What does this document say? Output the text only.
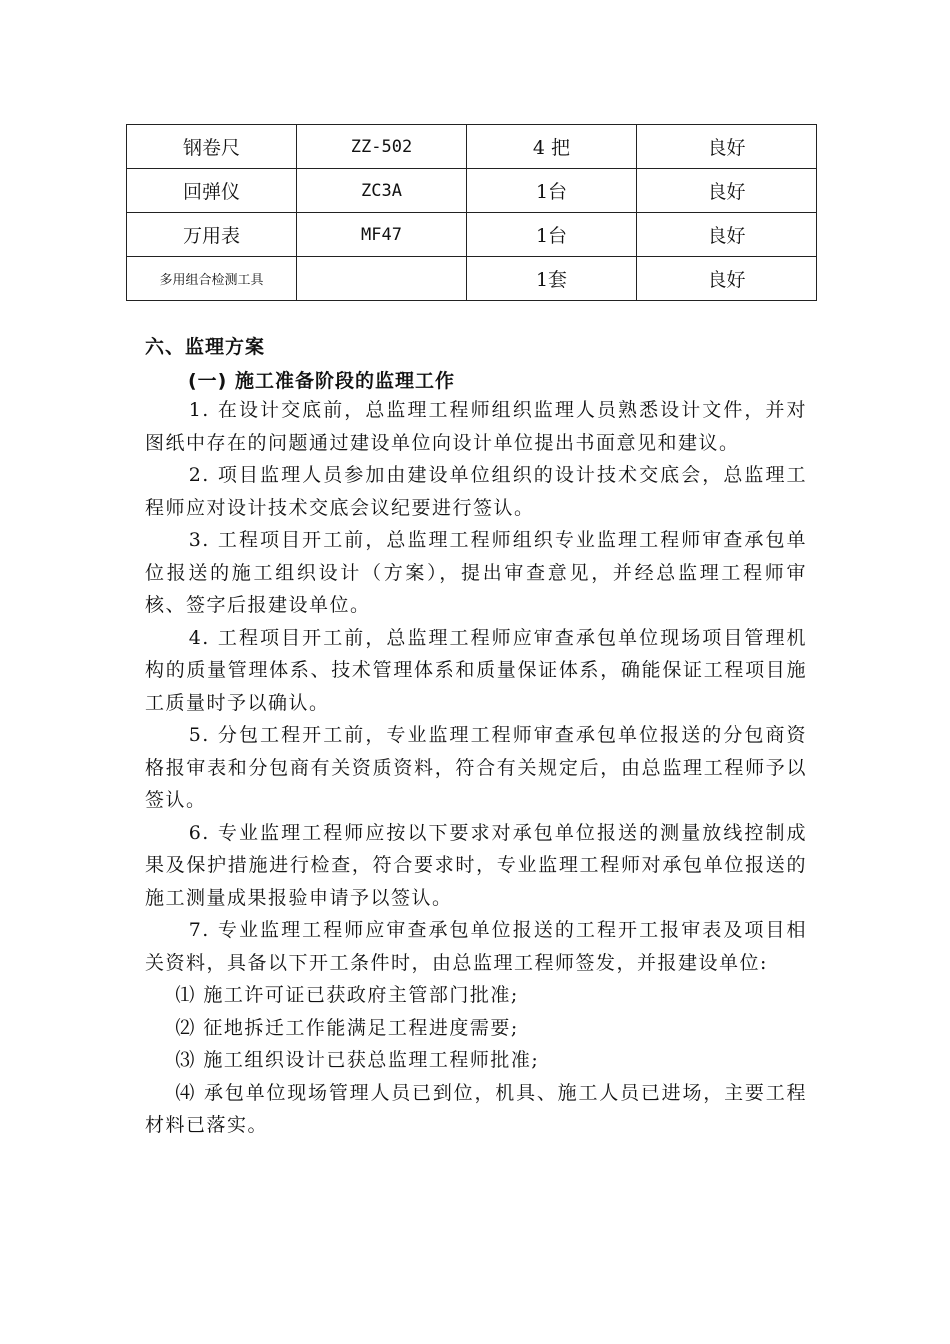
钢卷尺	ZZ-502	4 把	良好
回弹仪	ZC3A	1台	良好
万用表	MF47	1台	良好
多用组合检测工具		1套	良好
六、监理方案
(一) 施工准备阶段的监理工作

1. 在设计交底前，总监理工程师组织监理人员熟悉设计文件，并对图纸中存在的问题通过建设单位向设计单位提出书面意见和建议。

2. 项目监理人员参加由建设单位组织的设计技术交底会，总监理工程师应对设计技术交底会议纪要进行签认。

3. 工程项目开工前，总监理工程师组织专业监理工程师审查承包单位报送的施工组织设计（方案），提出审查意见，并经总监理工程师审核、签字后报建设单位。

4. 工程项目开工前，总监理工程师应审查承包单位现场项目管理机构的质量管理体系、技术管理体系和质量保证体系，确能保证工程项目施工质量时予以确认。

5. 分包工程开工前，专业监理工程师审查承包单位报送的分包商资格报审表和分包商有关资质资料，符合有关规定后，由总监理工程师予以签认。

6. 专业监理工程师应按以下要求对承包单位报送的测量放线控制成果及保护措施进行检查，符合要求时，专业监理工程师对承包单位报送的施工测量成果报验申请予以签认。

7. 专业监理工程师应审查承包单位报送的工程开工报审表及项目相关资料，具备以下开工条件时，由总监理工程师签发，并报建设单位:

⑴ 施工许可证已获政府主管部门批准;

⑵ 征地拆迁工作能满足工程进度需要;

⑶ 施工组织设计已获总监理工程师批准;

⑷ 承包单位现场管理人员已到位，机具、施工人员已进场，主要工程材料已落实。
